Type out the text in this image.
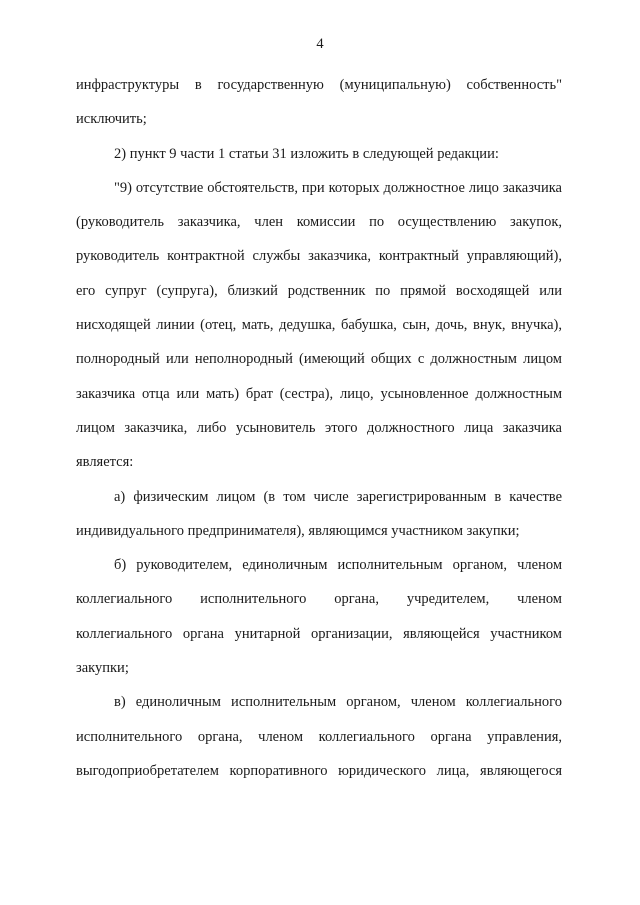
4

инфраструктуры в государственную (муниципальную) собственность" исключить;

2) пункт 9 части 1 статьи 31 изложить в следующей редакции:

"9) отсутствие обстоятельств, при которых должностное лицо заказчика (руководитель заказчика, член комиссии по осуществлению закупок, руководитель контрактной службы заказчика, контрактный управляющий), его супруг (супруга), близкий родственник по прямой восходящей или нисходящей линии (отец, мать, дедушка, бабушка, сын, дочь, внук, внучка), полнородный или неполнородный (имеющий общих с должностным лицом заказчика отца или мать) брат (сестра), лицо, усыновленное должностным лицом заказчика, либо усыновитель этого должностного лица заказчика является:

а) физическим лицом (в том числе зарегистрированным в качестве индивидуального предпринимателя), являющимся участником закупки;

б) руководителем, единоличным исполнительным органом, членом коллегиального исполнительного органа, учредителем, членом коллегиального органа унитарной организации, являющейся участником закупки;

в) единоличным исполнительным органом, членом коллегиального исполнительного органа, членом коллегиального органа управления, выгодоприобретателем корпоративного юридического лица, являющегося
